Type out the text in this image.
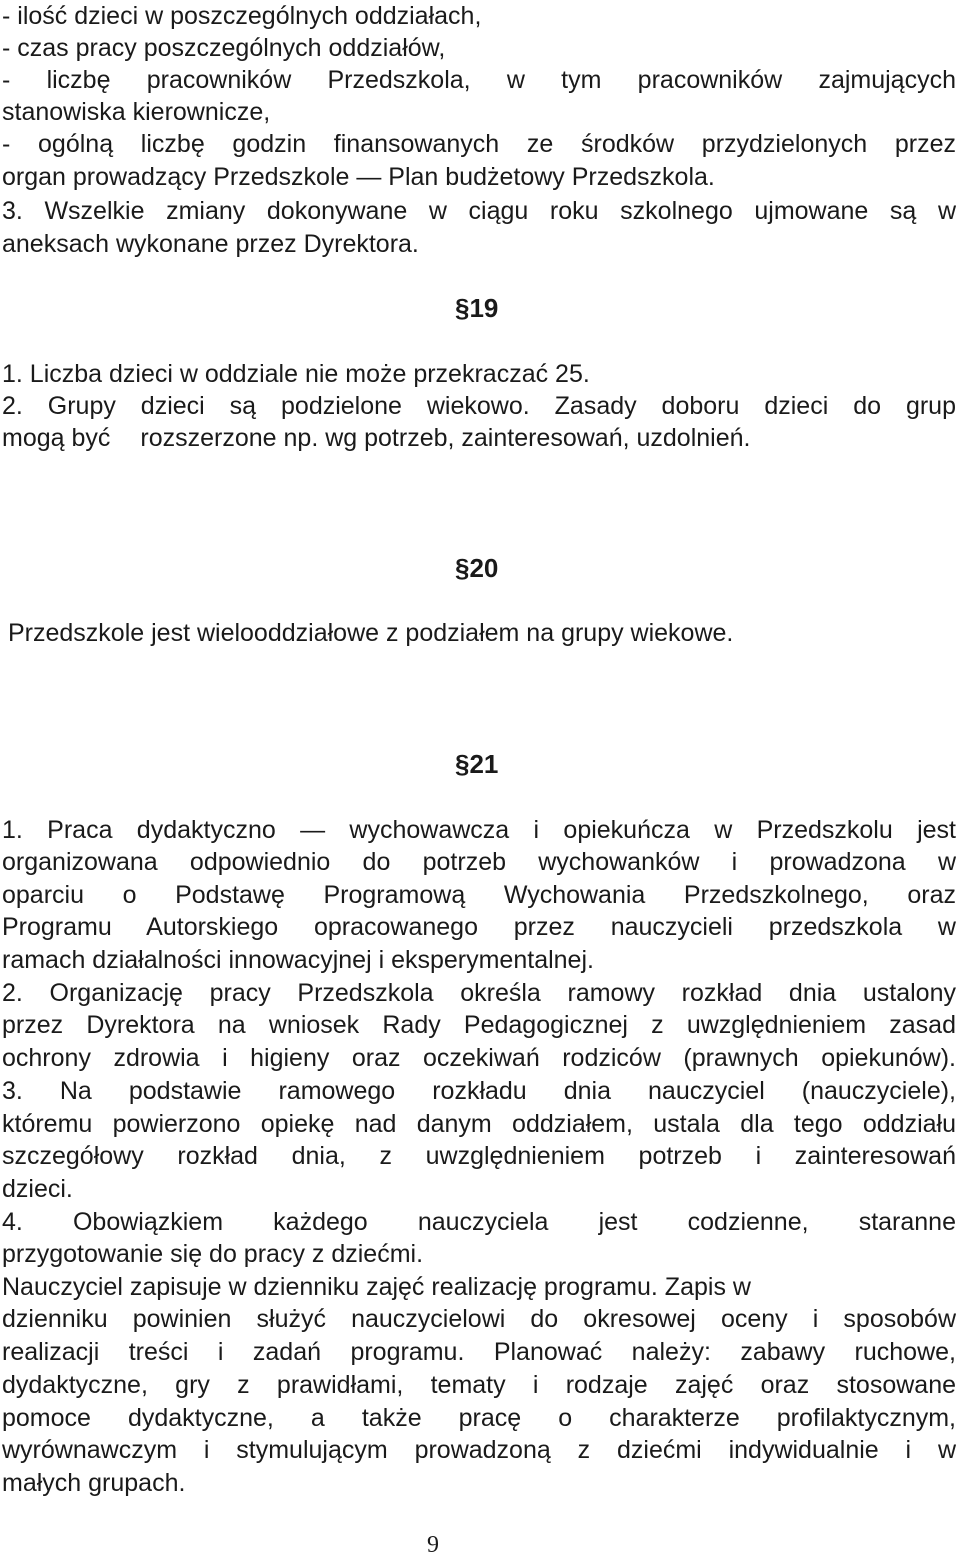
- ilość dzieci w poszczególnych oddziałach,
- czas pracy poszczególnych oddziałów,
- liczbę pracowników Przedszkola, w tym pracowników zajmujących
stanowiska kierownicze,
- ogólną liczbę godzin finansowanych ze środków przydzielonych przez
organ prowadzący Przedszkole — Plan budżetowy Przedszkola.
3. Wszelkie zmiany dokonywane w ciągu roku szkolnego ujmowane są w
aneksach wykonane przez Dyrektora.
§19
1. Liczba dzieci w oddziale nie może przekraczać 25.
2. Grupy dzieci są podzielone wiekowo. Zasady doboru dzieci do grup
mogą być rozszerzone np. wg potrzeb, zainteresowań, uzdolnień.
§20
Przedszkole jest wielooddziałowe z podziałem na grupy wiekowe.
§21
1. Praca dydaktyczno — wychowawcza i opiekuńcza w Przedszkolu jest
organizowana odpowiednio do potrzeb wychowanków i prowadzona w
oparciu o Podstawę Programową Wychowania Przedszkolnego, oraz
Programu Autorskiego opracowanego przez nauczycieli przedszkola w
ramach działalności innowacyjnej i eksperymentalnej.
2. Organizację pracy Przedszkola określa ramowy rozkład dnia ustalony
przez Dyrektora na wniosek Rady Pedagogicznej z uwzględnieniem zasad
ochrony zdrowia i higieny oraz oczekiwań rodziców (prawnych opiekunów).
3. Na podstawie ramowego rozkładu dnia nauczyciel (nauczyciele),
któremu powierzono opiekę nad danym oddziałem, ustala dla tego oddziału
szczegółowy rozkład dnia, z uwzględnieniem potrzeb i zainteresowań
dzieci.
4. Obowiązkiem każdego nauczyciela jest codzienne, staranne
przygotowanie się do pracy z dziećmi.
Nauczyciel zapisuje w dzienniku zajęć realizację programu. Zapis w
dzienniku powinien służyć nauczycielowi do okresowej oceny i sposobów
realizacji treści i zadań programu. Planować należy: zabawy ruchowe,
dydaktyczne, gry z prawidłami, tematy i rodzaje zajęć oraz stosowane
pomoce dydaktyczne, a także pracę o charakterze profilaktycznym,
wyrównawczym i stymulującym prowadzoną z dziećmi indywidualnie i w
małych grupach.
9
